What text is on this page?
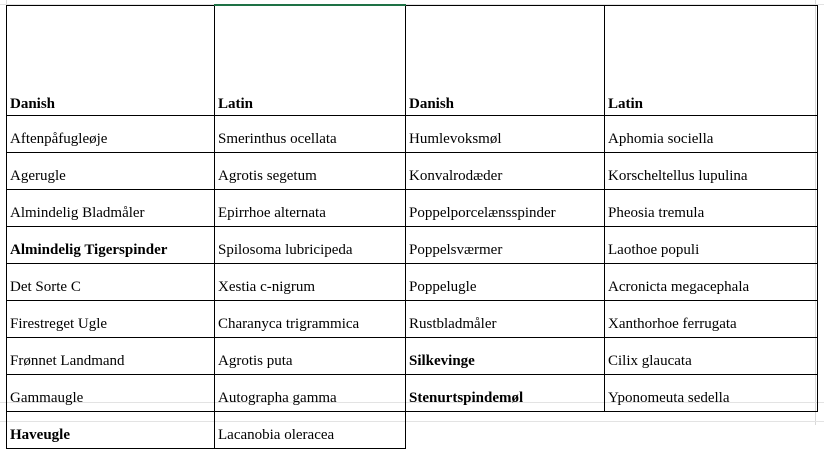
Danish	Latin	Danish	Latin
Aftenpåfugleøje	Smerinthus ocellata	Humlevoksmøl	Aphomia sociella
Agerugle	Agrotis segetum	Konvalrodæder	Korscheltellus lupulina
Almindelig Bladmåler	Epirrhoe alternata	Poppelporcelænsspinder	Pheosia tremula
Almindelig Tigerspinder	Spilosoma lubricipeda	Poppelsværmer	Laothoe populi
Det Sorte C	Xestia c-nigrum	Poppelugle	Acronicta megacephala
Firestreget Ugle	Charanyca trigrammica	Rustbladmåler	Xanthorhoe ferrugata
Frønnet Landmand	Agrotis puta	Silkevinge	Cilix glaucata
Gammaugle	Autographa gamma	Stenurtspindemøl	Yponomeuta sedella
Haveugle	Lacanobia oleracea		
